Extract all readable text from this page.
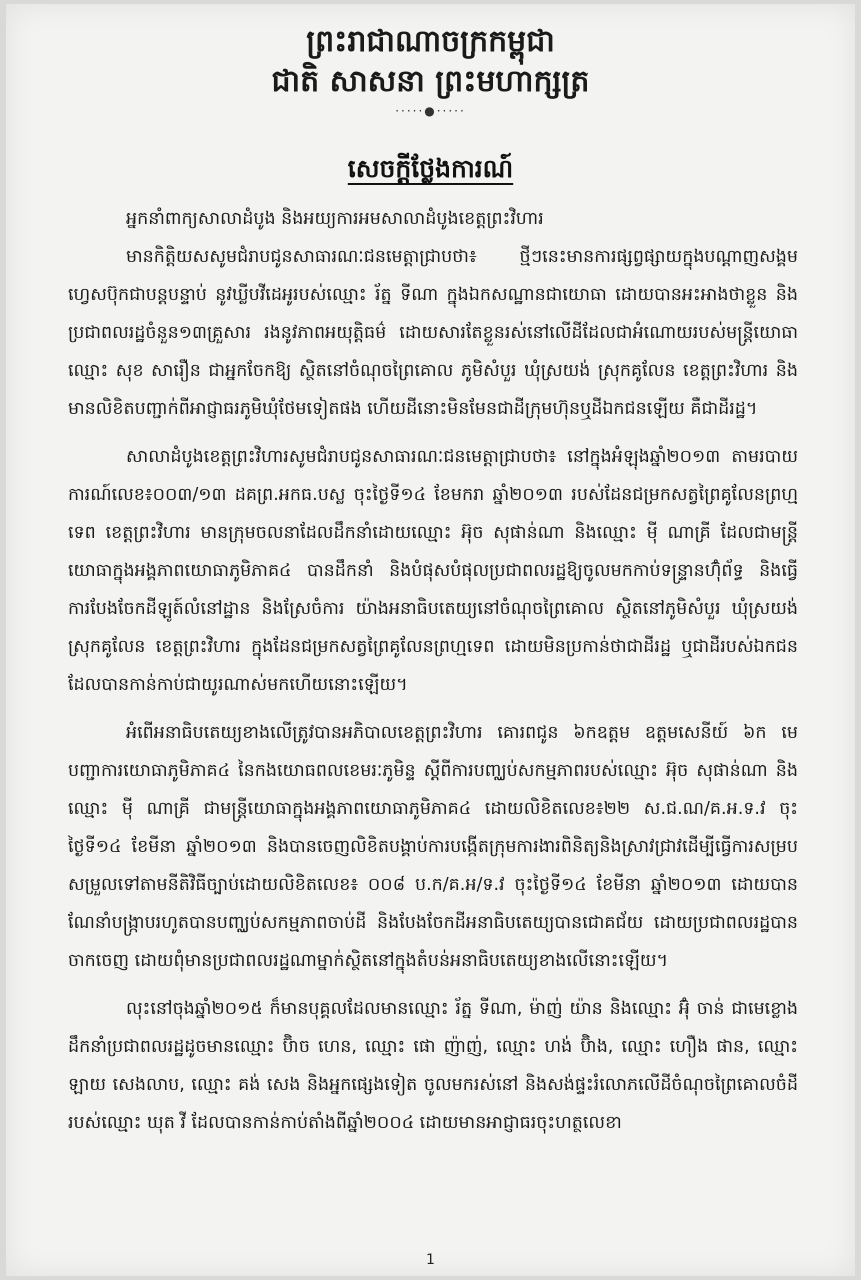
ព្រះរាជាណាចក្រកម្ពុជា

ជាតិ សាសនា ព្រះមហាក្សត្រ

·····●·····
សេចក្តីថ្លែងការណ៍

អ្នកនាំពាក្យសាលាដំបូង និងអយ្យការអមសាលាដំបូងខេត្តព្រះវិហារ

មានកិត្តិយសសូមជំរាបជូនសាធារណៈជនមេត្តាជ្រាបថា៖ ថ្មីៗនេះមានការផ្សព្វផ្សាយក្នុងបណ្តាញសង្គមហ្វេសប៊ុកជាបន្តបន្ទាប់ នូវឃ្លីបវីដេអូរបស់ឈ្មោះ រ័ត្ន ទីណា ក្នុងឯកសណ្ឋានជាយោធា ដោយបានអះអាងថាខ្លួន និងប្រជាពលរដ្ឋចំនួន១៣គ្រួសារ រងនូវភាពអយុត្តិធម៌ ដោយសារតែខ្លួនរស់នៅលើដីដែលជាអំណោយរបស់មន្ត្រីយោធាឈ្មោះ សុខ សារឿន ជាអ្នកចែកឱ្យ ស្ថិតនៅចំណុចព្រៃគោល ភូមិសំបួរ ឃុំស្រយង់ ស្រុកគូលែន ខេត្តព្រះវិហារ និងមានលិខិតបញ្ជាក់ពីអាជ្ញាធរភូមិឃុំថែមទៀតផង ហើយដីនោះមិនមែនជាដីក្រុមហ៊ុនឬដីឯកជនឡើយ គឺជាដីរដ្ឋ។

សាលាដំបូងខេត្តព្រះវិហារសូមជំរាបជូនសាធារណៈជនមេត្តាជ្រាបថា៖ នៅក្នុងអំឡុងឆ្នាំ២០១៣ តាមរបាយការណ៍លេខ៖០០៣/១៣ ដគព្រ.អកធ.បស្ល ចុះថ្ងៃទី១៤ ខែមករា ឆ្នាំ២០១៣ របស់ដែនជម្រកសត្វព្រៃគូលែនព្រហ្មទេព ខេត្តព្រះវិហារ មានក្រុមចលនាដែលដឹកនាំដោយឈ្មោះ អ៊ុច សុផាន់ណា និងឈ្មោះ ម៉ី ណាគ្រី ដែលជាមន្ត្រីយោធាក្នុងអង្គភាពយោធាភូមិភាគ៤ បានដឹកនាំ និងបំផុសបំផុលប្រជាពលរដ្ឋឱ្យចូលមកកាប់ទន្ទ្រានហ៊ុំព័ទ្ធ និងធ្វើការបែងចែកដីឡូត៍លំនៅដ្ឋាន និងស្រែចំការ យ៉ាងអនាធិបតេយ្យនៅចំណុចព្រៃគោល ស្ថិតនៅភូមិសំបួរ ឃុំស្រយង់ ស្រុកគូលែន ខេត្តព្រះវិហារ ក្នុងដែនជម្រកសត្វព្រៃគូលែនព្រហ្មទេព ដោយមិនប្រកាន់ថាជាដីរដ្ឋ ឬជាដីរបស់ឯកជនដែលបានកាន់កាប់ជាយូរណាស់មកហើយនោះឡើយ។

អំពើអនាធិបតេយ្យខាងលើត្រូវបានអភិបាលខេត្តព្រះវិហារ គោរពជូន ៦កឧត្តម ឧត្តមសេនីយ៍ ៦ក មេបញ្ជាការយោធាភូមិភាគ៤ នៃកងយោធពលខេមរៈភូមិន្ទ ស្តីពីការបញ្ឈប់សកម្មភាពរបស់ឈ្មោះ អ៊ុច សុផាន់ណា និងឈ្មោះ ម៉ី ណាគ្រី ជាមន្ត្រីយោធាក្នុងអង្គភាពយោធាភូមិភាគ៤ ដោយលិខិតលេខ៖២២ ស.ជ.ណ/គ.អ.ទ.វ ចុះថ្ងៃទី១៤ ខែមីនា ឆ្នាំ២០១៣ និងបានចេញលិខិតបង្គាប់ការបង្កើតក្រុមការងារពិនិត្យនិងស្រាវជ្រាវដើម្បីធ្វើការសម្របសម្រួលទៅតាមនីតិវិធីច្បាប់ដោយលិខិតលេខ៖ ០០៨ ប.ក/គ.អ/ទ.វ ចុះថ្ងៃទី១៤ ខែមីនា ឆ្នាំ២០១៣ ដោយបានណែនាំបង្ក្រាបរហូតបានបញ្ឈប់សកម្មភាពចាប់ដី និងបែងចែកដីអនាធិបតេយ្យបានជោគជ័យ ដោយប្រជាពលរដ្ឋបានចាកចេញ ដោយពុំមានប្រជាពលរដ្ឋណាម្នាក់ស្ថិតនៅក្នុងតំបន់អនាធិបតេយ្យខាងលើនោះឡើយ។

លុះនៅចុងឆ្នាំ២០១៥ ក៏មានបុគ្គលដែលមានឈ្មោះ រ័ត្ន ទីណា, ម៉ាញ់ យ៉ាន និងឈ្មោះ អ៊ុំ ចាន់ ជាមេខ្លោងដឹកនាំប្រជាពលរដ្ឋដូចមានឈ្មោះ ប៊ិាច ហេន, ឈ្មោះ ផោ ញ៉ាញ់, ឈ្មោះ ហង់ ប៊ិាង, ឈ្មោះ ហឿង ផាន, ឈ្មោះ ឡាយ សេងលាប, ឈ្មោះ គង់ សេង និងអ្នកផ្សេងទៀត ចូលមករស់នៅ និងសង់ផ្ទះរំលោភលើដីចំណុចព្រៃគោលចំដីរបស់ឈ្មោះ ឃុត វី ដែលបានកាន់កាប់តាំងពីឆ្នាំ២០០៤ ដោយមានអាជ្ញាធរចុះហត្ថលេខា

1
